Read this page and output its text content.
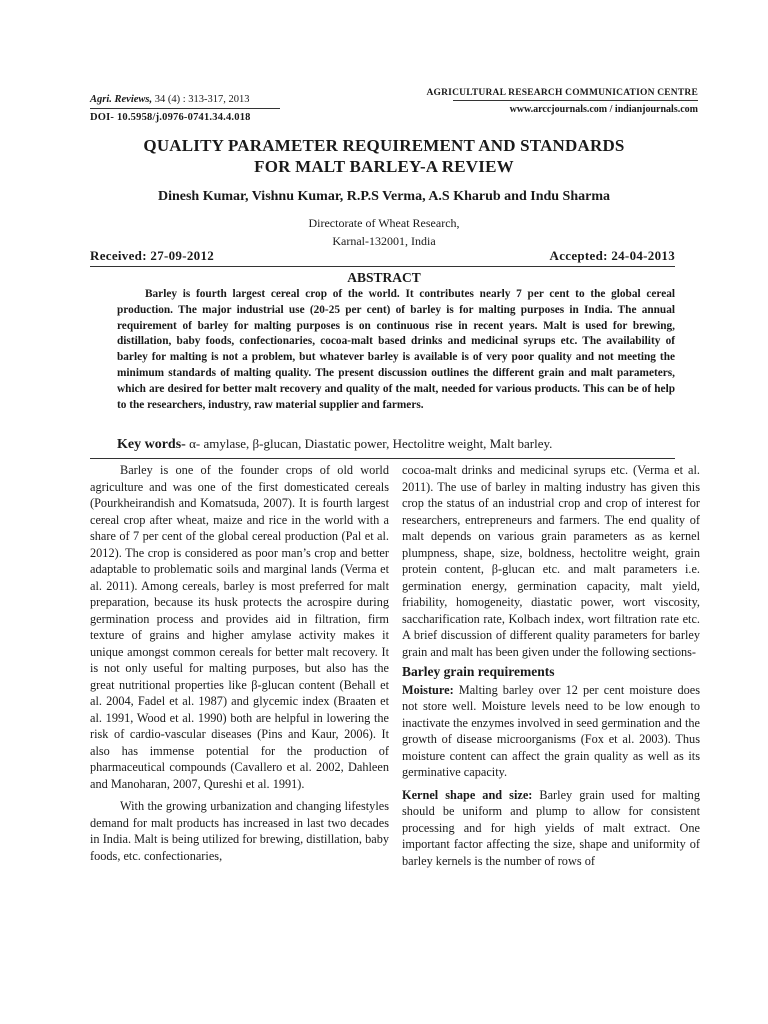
Agri. Reviews, 34 (4) : 313-317, 2013
DOI- 10.5958/j.0976-0741.34.4.018
AGRICULTURAL RESEARCH COMMUNICATION CENTRE
www.arccjournals.com / indianjournals.com
QUALITY PARAMETER REQUIREMENT AND STANDARDS
FOR MALT BARLEY-A REVIEW
Dinesh Kumar, Vishnu Kumar, R.P.S Verma, A.S Kharub and Indu Sharma
Directorate of Wheat Research,
Karnal-132001, India
Received: 27-09-2012	Accepted: 24-04-2013
ABSTRACT
Barley is fourth largest cereal crop of the world. It contributes nearly 7 per cent to the global cereal production. The major industrial use (20-25 per cent) of barley is for malting purposes in India. The annual requirement of barley for malting purposes is on continuous rise in recent years. Malt is used for brewing, distillation, baby foods, confectionaries, cocoa-malt based drinks and medicinal syrups etc. The availability of barley for malting is not a problem, but whatever barley is available is of very poor quality and not meeting the minimum standards of malting quality. The present discussion outlines the different grain and malt parameters, which are desired for better malt recovery and quality of the malt, needed for various products. This can be of help to the researchers, industry, raw material supplier and farmers.
Key words- α- amylase, β-glucan, Diastatic power, Hectolitre weight, Malt barley.

Barley is one of the founder crops of old world agriculture and was one of the first domesticated cereals (Pourkheirandish and Komatsuda, 2007). It is fourth largest cereal crop after wheat, maize and rice in the world with a share of 7 per cent of the global cereal production (Pal et al. 2012). The crop is considered as poor man’s crop and better adaptable to problematic soils and marginal lands (Verma et al. 2011). Among cereals, barley is most preferred for malt preparation, because its husk protects the acrospire during germination process and provides aid in filtration, firm texture of grains and higher amylase activity makes it unique amongst common cereals for better malt recovery. It is not only useful for malting purposes, but also has the great nutritional properties like β-glucan content (Behall et al. 2004, Fadel et al. 1987) and glycemic index (Braaten et al. 1991, Wood et al. 1990) both are helpful in lowering the risk of cardio-vascular diseases (Pins and Kaur, 2006). It also has immense potential for the production of pharmaceutical compounds (Cavallero et al. 2002, Dahleen and Manoharan, 2007, Qureshi et al. 1991).

With the growing urbanization and changing lifestyles demand for malt products has increased in last two decades in India. Malt is being utilized for brewing, distillation, baby foods, etc. confectionaries,

cocoa-malt drinks and medicinal syrups etc. (Verma et al. 2011). The use of barley in malting industry has given this crop the status of an industrial crop and crop of interest for researchers, entrepreneurs and farmers. The end quality of malt depends on various grain parameters as as kernel plumpness, shape, size, boldness, hectolitre weight, grain protein content, β-glucan etc. and malt parameters i.e. germination energy, germination capacity, malt yield, friability, homogeneity, diastatic power, wort viscosity, saccharification rate, Kolbach index, wort filtration rate etc. A brief discussion of different quality parameters for barley grain and malt has been given under the following sections-

Barley grain requirements

Moisture: Malting barley over 12 per cent moisture does not store well. Moisture levels need to be low enough to inactivate the enzymes involved in seed germination and the growth of disease microorganisms (Fox et al. 2003). Thus moisture content can affect the grain quality as well as its germinative capacity.

Kernel shape and size: Barley grain used for malting should be uniform and plump to allow for consistent processing and for high yields of malt extract. One important factor affecting the size, shape and uniformity of barley kernels is the number of rows of
